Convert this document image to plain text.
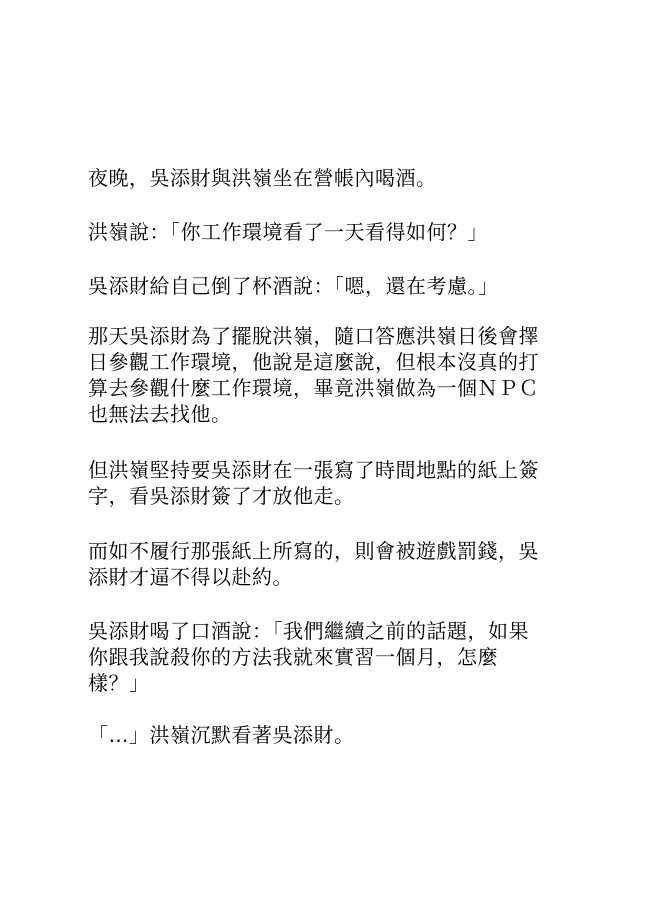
夜晚，吳添財與洪嶺坐在營帳內喝酒。

洪嶺說：「你工作環境看了一天看得如何？」

吳添財給自己倒了杯酒說：「嗯，還在考慮。」

那天吳添財為了擺脫洪嶺，隨口答應洪嶺日後會擇
日參觀工作環境，他說是這麼說，但根本沒真的打
算去參觀什麼工作環境，畢竟洪嶺做為一個ＮＰＣ
也無法去找他。

但洪嶺堅持要吳添財在一張寫了時間地點的紙上簽
字，看吳添財簽了才放他走。

而如不履行那張紙上所寫的，則會被遊戲罰錢，吳
添財才逼不得以赴約。

吳添財喝了口酒說：「我們繼續之前的話題，如果
你跟我說殺你的方法我就來實習一個月，怎麼
樣？」

「…」洪嶺沉默看著吳添財。
